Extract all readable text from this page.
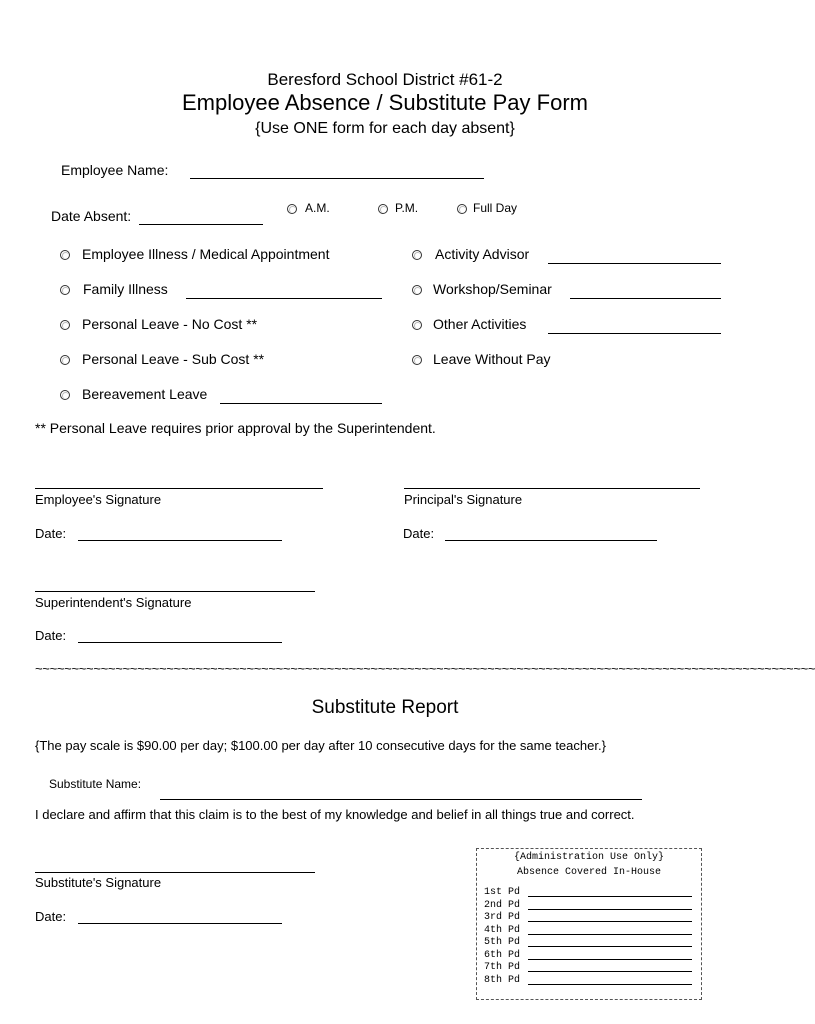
Beresford School District #61-2
Employee Absence / Substitute Pay Form
{Use ONE form for each day absent}
Employee Name:
Date Absent:	A.M.	P.M.	Full Day
Employee Illness / Medical Appointment
Family Illness
Personal Leave - No Cost **
Personal Leave - Sub Cost **
Bereavement Leave
Activity Advisor
Workshop/Seminar
Other Activities
Leave Without Pay
** Personal Leave requires prior approval by the Superintendent.
Employee's Signature
Date:
Principal's Signature
Date:
Superintendent's Signature
Date:
~~~~~~~~~~~~~~~~~~~~~~~~~~~~~~~~~~~~~~~~~~~~~~~~~~~~~~~~~~~~~~~~~~~~~~~~~~~~~~~~~~~~~~~~~~~~~~~~~~~~~~~~~~~
Substitute Report
{The pay scale is $90.00 per day; $100.00 per day after 10 consecutive days for the same teacher.}
Substitute Name:
I declare and affirm that this claim is to the best of my knowledge and belief in all things true and correct.
Substitute's Signature
Date:
{Administration Use Only}
Absence Covered In-House
1st Pd
2nd Pd
3rd Pd
4th Pd
5th Pd
6th Pd
7th Pd
8th Pd
